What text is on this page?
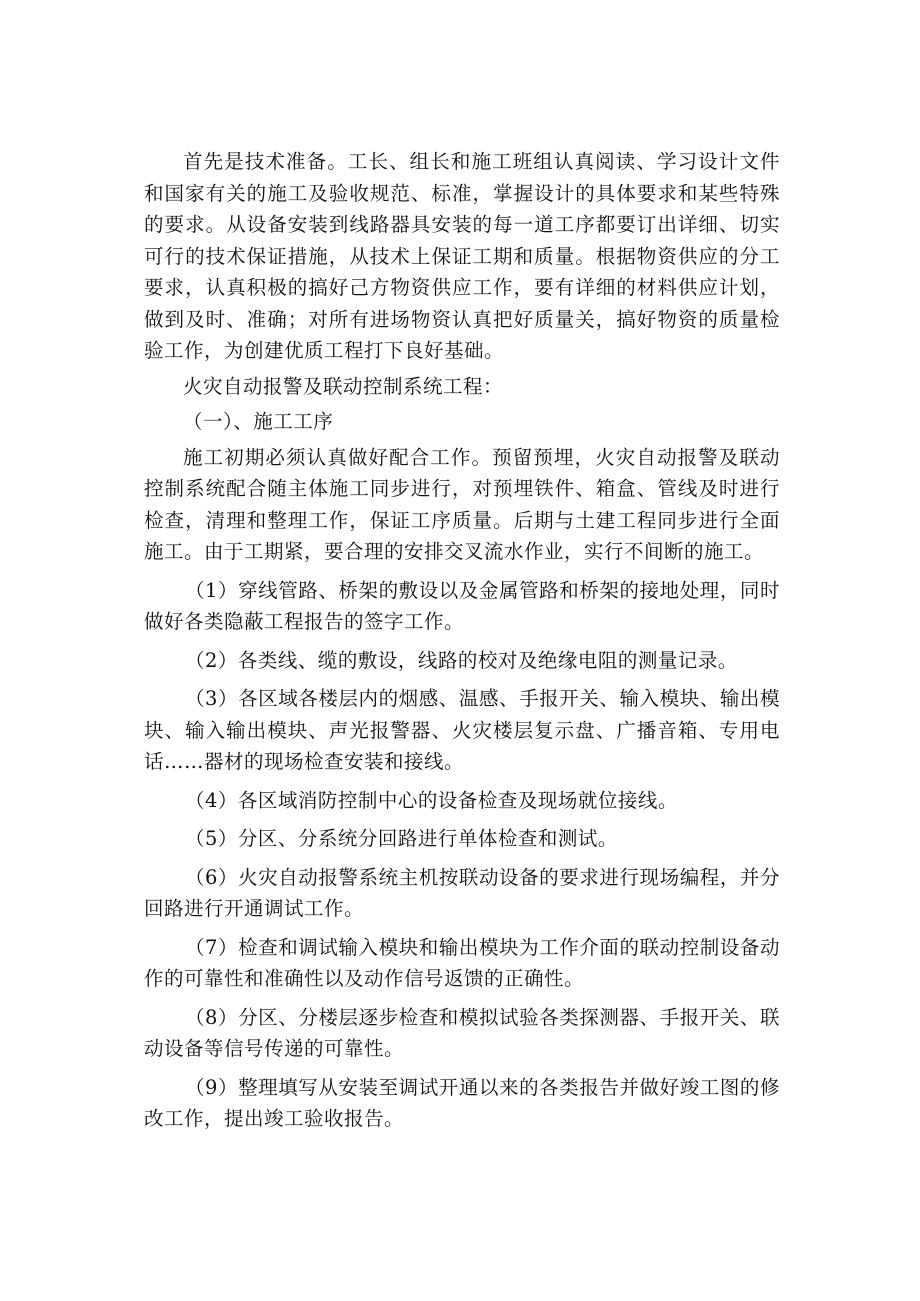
首先是技术准备。工长、组长和施工班组认真阅读、学习设计文件和国家有关的施工及验收规范、标准，掌握设计的具体要求和某些特殊的要求。从设备安装到线路器具安装的每一道工序都要订出详细、切实可行的技术保证措施，从技术上保证工期和质量。根据物资供应的分工要求，认真积极的搞好己方物资供应工作，要有详细的材料供应计划，做到及时、准确；对所有进场物资认真把好质量关，搞好物资的质量检验工作，为创建优质工程打下良好基础。

火灾自动报警及联动控制系统工程：

（一）、施工工序

施工初期必须认真做好配合工作。预留预埋，火灾自动报警及联动控制系统配合随主体施工同步进行，对预埋铁件、箱盒、管线及时进行检查，清理和整理工作，保证工序质量。后期与土建工程同步进行全面施工。由于工期紧，要合理的安排交叉流水作业，实行不间断的施工。

（1）穿线管路、桥架的敷设以及金属管路和桥架的接地处理，同时做好各类隐蔽工程报告的签字工作。

（2）各类线、缆的敷设，线路的校对及绝缘电阻的测量记录。

（3）各区域各楼层内的烟感、温感、手报开关、输入模块、输出模块、输入输出模块、声光报警器、火灾楼层复示盘、广播音箱、专用电话……器材的现场检查安装和接线。

（4）各区域消防控制中心的设备检查及现场就位接线。

（5）分区、分系统分回路进行单体检查和测试。

（6）火灾自动报警系统主机按联动设备的要求进行现场编程，并分回路进行开通调试工作。

（7）检查和调试输入模块和输出模块为工作介面的联动控制设备动作的可靠性和准确性以及动作信号返馈的正确性。

（8）分区、分楼层逐步检查和模拟试验各类探测器、手报开关、联动设备等信号传递的可靠性。

（9）整理填写从安装至调试开通以来的各类报告并做好竣工图的修改工作，提出竣工验收报告。
